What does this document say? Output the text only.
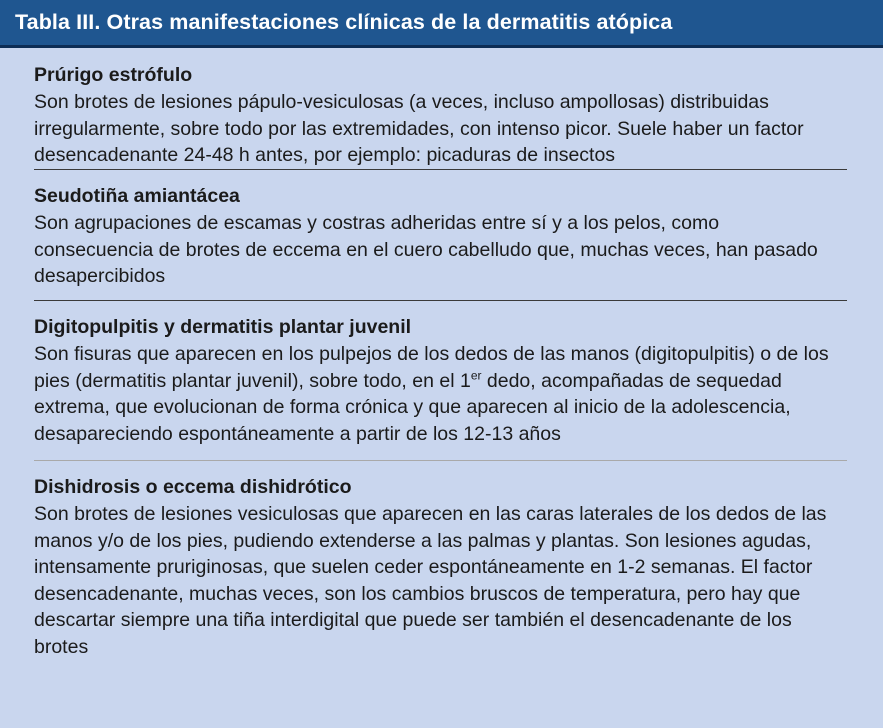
Tabla III. Otras manifestaciones clínicas de la dermatitis atópica

Prúrigo estrófulo

Son brotes de lesiones pápulo-vesiculosas (a veces, incluso ampollosas) distribuidas irregularmente, sobre todo por las extremidades, con intenso picor. Suele haber un factor desencadenante 24-48 h antes, por ejemplo: picaduras de insectos

Seudotiña amiantácea

Son agrupaciones de escamas y costras adheridas entre sí y a los pelos, como consecuencia de brotes de eccema en el cuero cabelludo que, muchas veces, han pasado desapercibidos

Digitopulpitis y dermatitis plantar juvenil

Son fisuras que aparecen en los pulpejos de los dedos de las manos (digitopulpitis) o de los pies (dermatitis plantar juvenil), sobre todo, en el 1er dedo, acompañadas de sequedad extrema, que evolucionan de forma crónica y que aparecen al inicio de la adolescencia, desapareciendo espontáneamente a partir de los 12-13 años

Dishidrosis o eccema dishidrótico

Son brotes de lesiones vesiculosas que aparecen en las caras laterales de los dedos de las manos y/o de los pies, pudiendo extenderse a las palmas y plantas. Son lesiones agudas, intensamente pruriginosas, que suelen ceder espontáneamente en 1-2 semanas. El factor desencadenante, muchas veces, son los cambios bruscos de temperatura, pero hay que descartar siempre una tiña interdigital que puede ser también el desencadenante de los brotes
